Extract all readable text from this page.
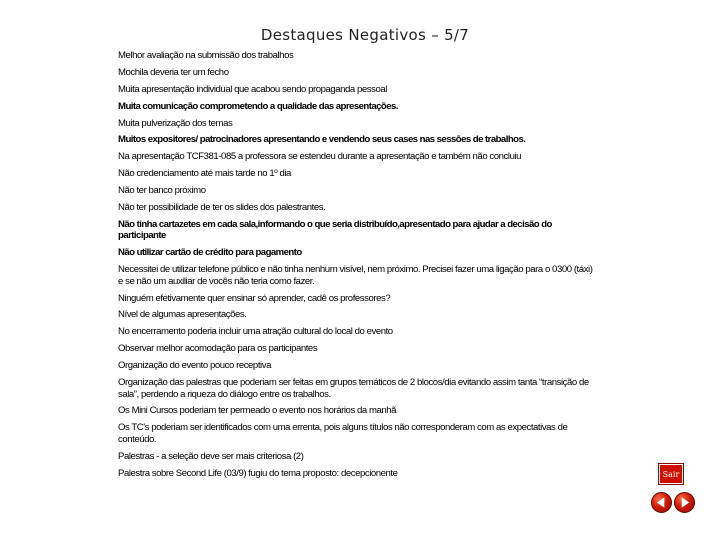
Destaques Negativos – 5/7
Melhor avaliação na submissão dos trabalhos
Mochila deveria ter um fecho
Muita apresentação individual que acabou sendo propaganda pessoal
Muita comunicação comprometendo a qualidade das apresentações.
Muita pulverização dos temas
Muitos expositores/ patrocinadores apresentando e vendendo seus cases nas sessões de trabalhos.
Na apresentação TCF381-085 a professora se estendeu durante a apresentação e também não concluiu
Não credenciamento até mais tarde no 1º dia
Não ter banco próximo
Não ter possibilidade de ter os slides dos palestrantes.
Não tinha cartazetes em cada sala,informando o que seria distribuído,apresentado para ajudar a decisão do participante
Não utilizar cartão de crédito para pagamento
Necessitei de utilizar telefone público e não tinha nenhum visível, nem próximo. Precisei fazer uma ligação para o 0300 (táxi) e se não um auxiliar de vocês não teria como fazer.
Ninguém efetivamente quer ensinar só aprender, cadê os professores?
Nível de algumas apresentações.
No encerramento poderia incluir uma atração cultural do local do evento
Observar melhor acomodação para os participantes
Organização do evento pouco receptiva
Organização das palestras que poderiam ser feitas em grupos temáticos de 2 blocos/dia evitando assim tanta “transição de sala”, perdendo a riqueza do diálogo entre os trabalhos.
Os Mini Cursos poderiam ter permeado o evento nos horários da manhã
Os TC's poderiam ser identificados com uma errenta, pois alguns títulos não corresponderam com as expectativas de conteúdo.
Palestras - a seleção deve ser mais criteriosa (2)
Palestra sobre Second Life (03/9) fugiu do tema proposto: decepcionente	Sair
